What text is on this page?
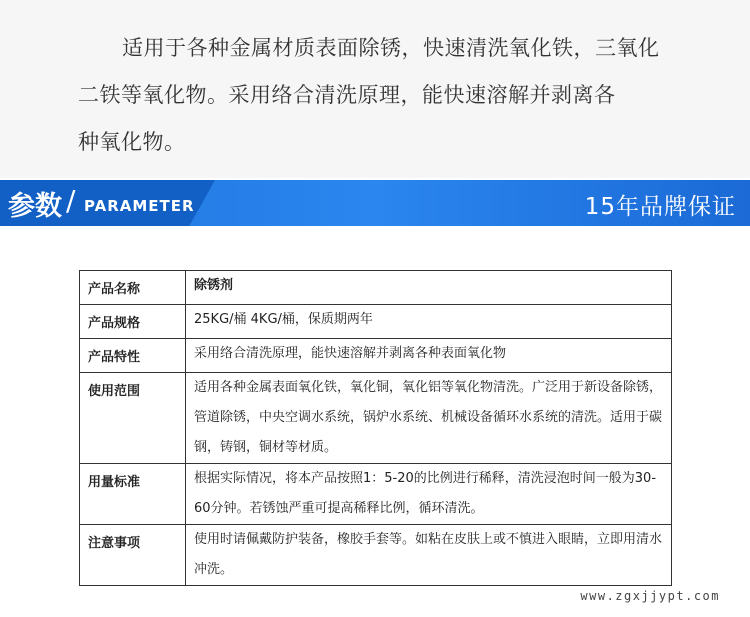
适用于各种金属材质表面除锈，快速清洗氧化铁，三氧化
二铁等氧化物。采用络合清洗原理，能快速溶解并剥离各
种氧化物。
参数 / PARAMETER	15年品牌保证
产品名称	除锈剂
产品规格	25KG/桶 4KG/桶，保质期两年
产品特性	采用络合清洗原理，能快速溶解并剥离各种表面氧化物
使用范围	适用各种金属表面氧化铁，氧化铜，氧化铝等氧化物清洗。广泛用于新设备除锈，管道除锈，中央空调水系统，锅炉水系统、机械设备循环水系统的清洗。适用于碳钢，铸钢，铜材等材质。
用量标准	根据实际情况，将本产品按照1：5-20的比例进行稀释，清洗浸泡时间一般为30-60分钟。若锈蚀严重可提高稀释比例，循环清洗。
注意事项	使用时请佩戴防护装备，橡胶手套等。如粘在皮肤上或不慎进入眼睛，立即用清水冲洗。
www.zgxjjypt.com
